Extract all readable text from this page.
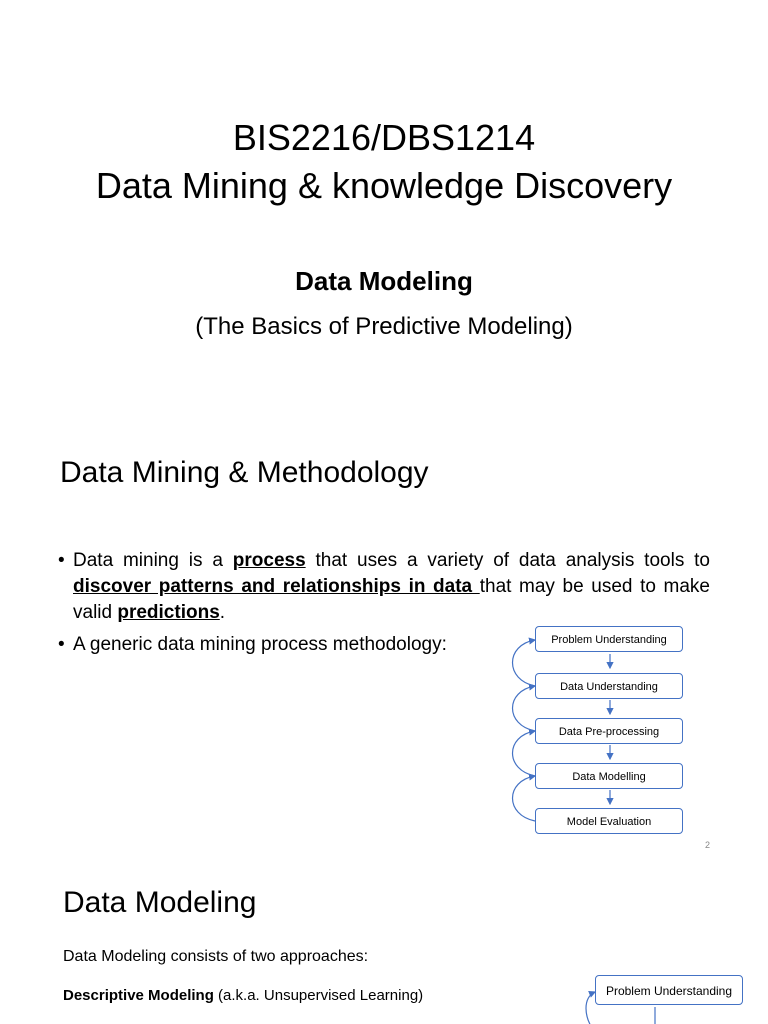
BIS2216/DBS1214
Data Mining & knowledge Discovery
Data Modeling
(The Basics of Predictive Modeling)
Data Mining & Methodology
• Data mining is a process that uses a variety of data analysis tools to discover patterns and relationships in data that may be used to make valid predictions.
• A generic data mining process methodology:	Problem Understanding
Data Understanding
Data Pre-processing
Data Modelling
Model Evaluation
2
Data Modeling
Data Modeling consists of two approaches:
Descriptive Modeling (a.k.a. Unsupervised Learning)	Problem Understanding
